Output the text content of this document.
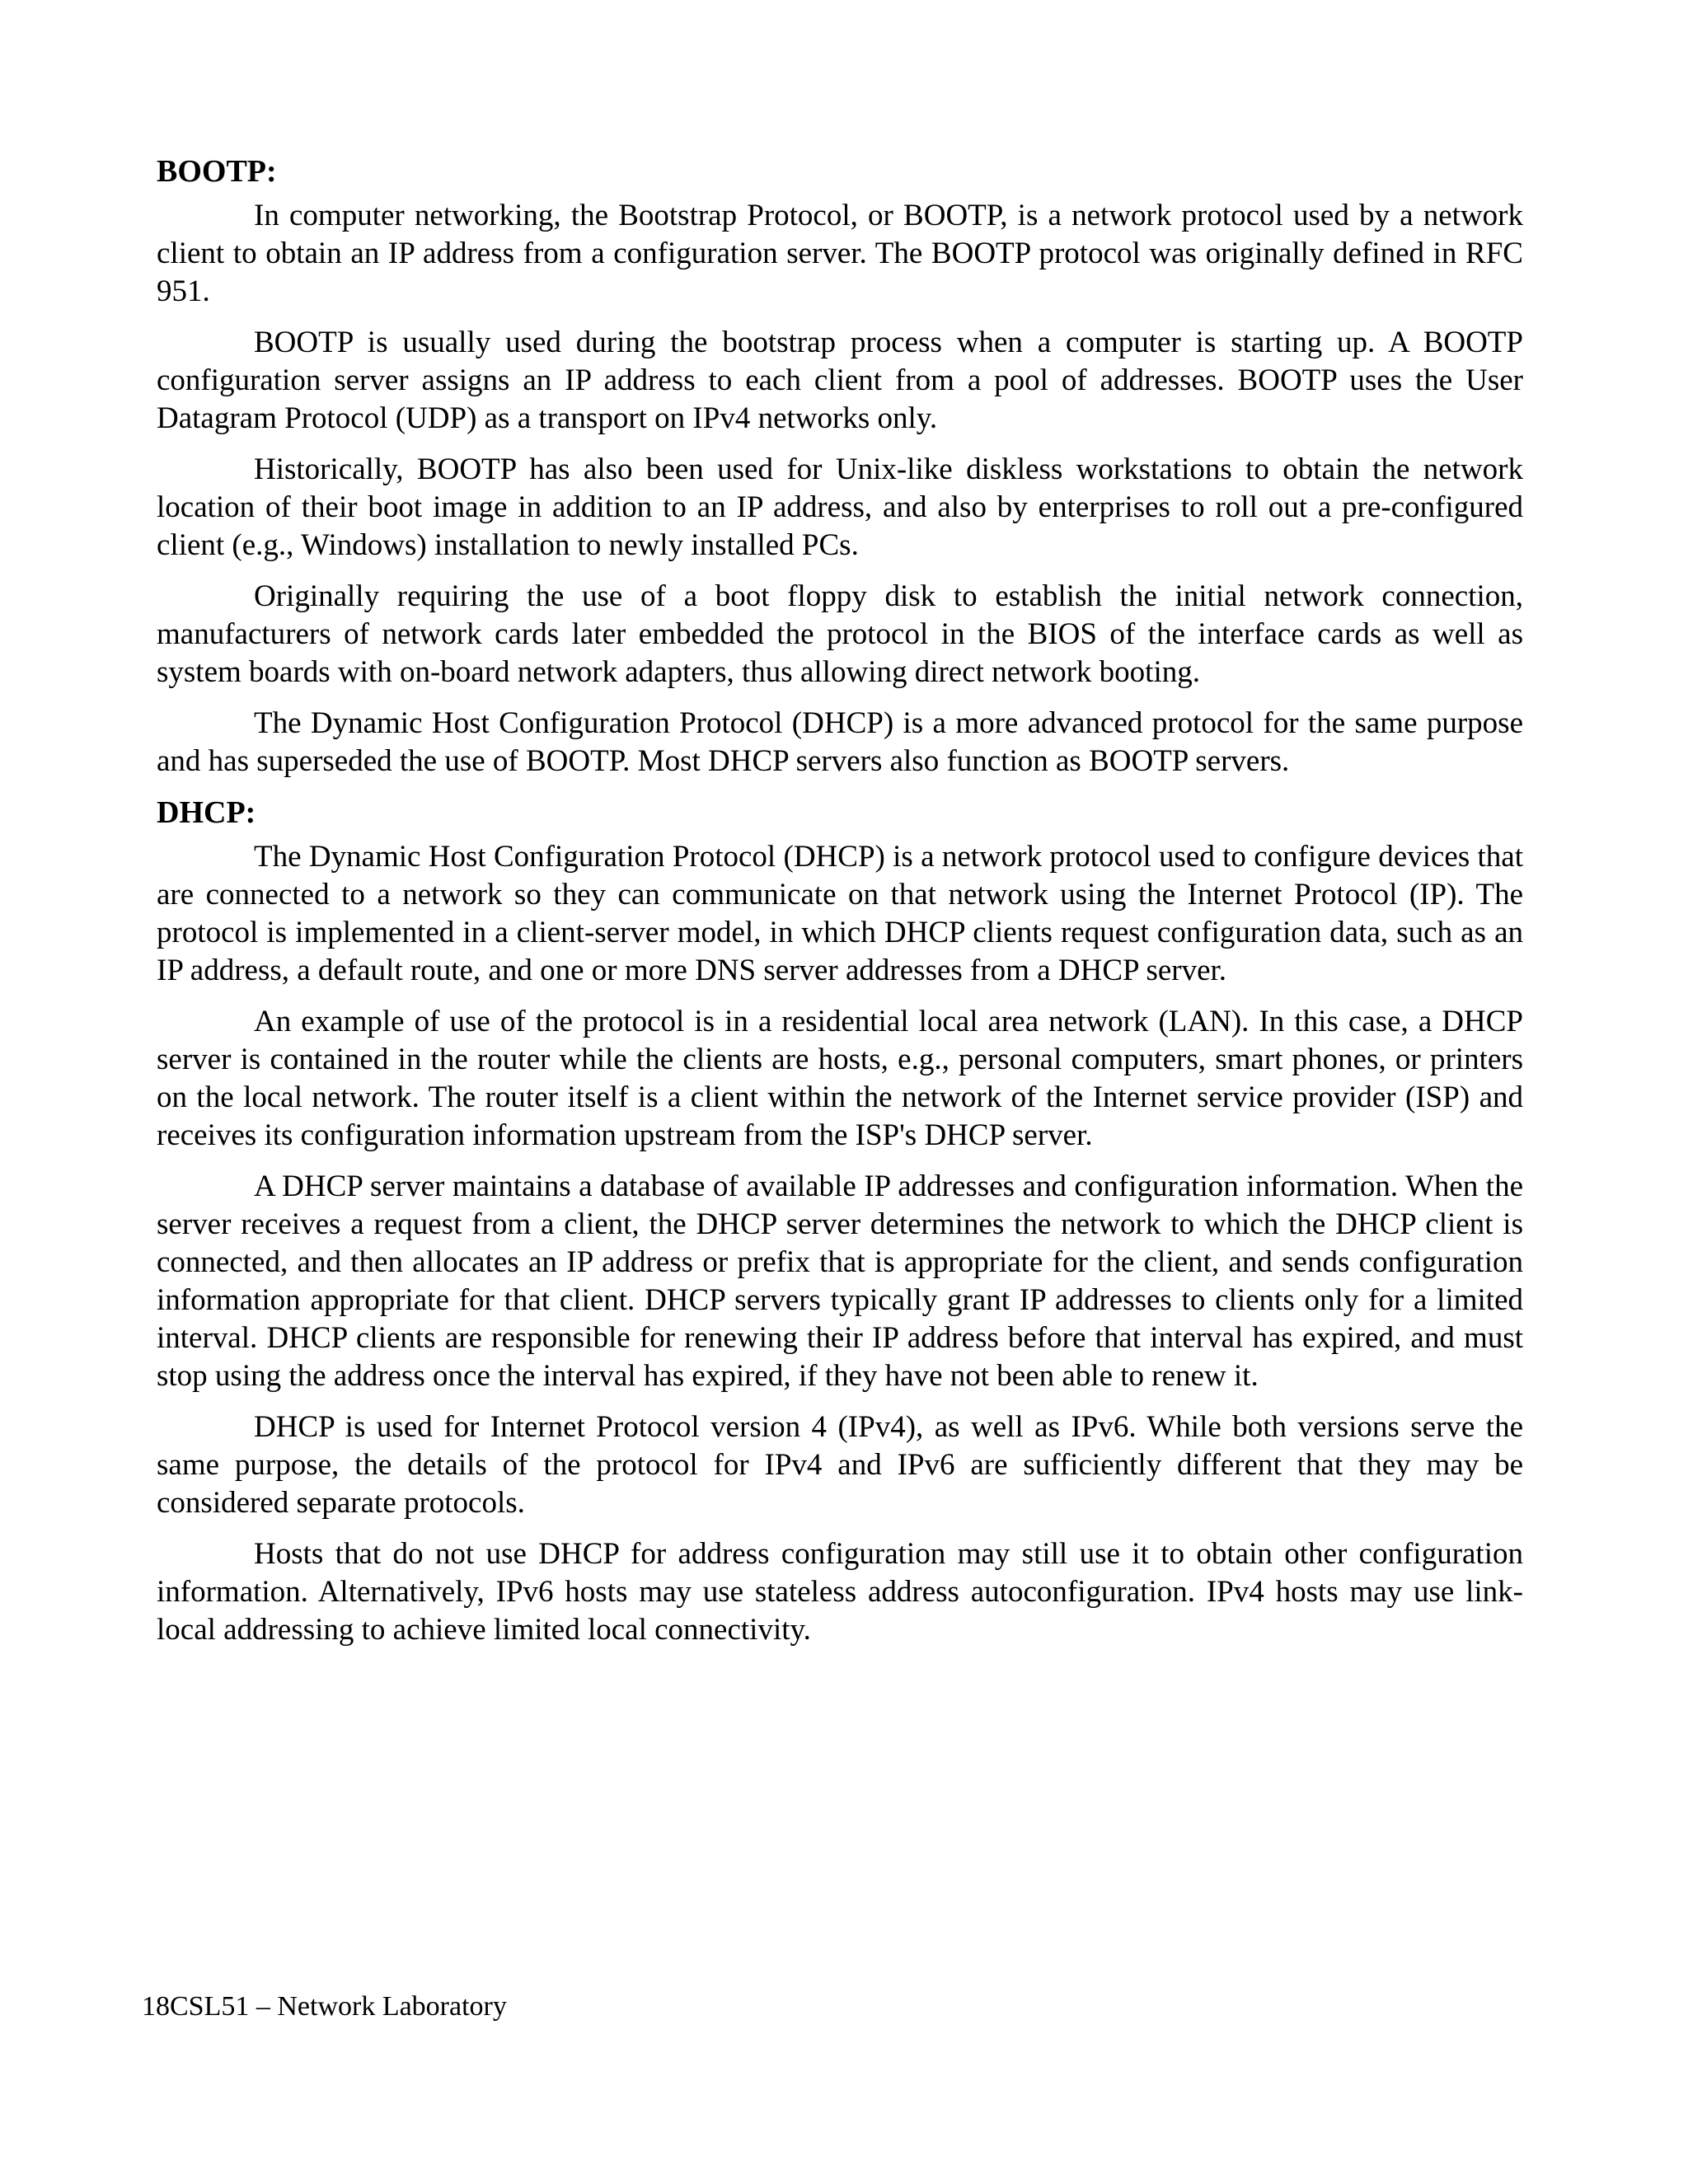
BOOTP:

In computer networking, the Bootstrap Protocol, or BOOTP, is a network protocol used by a network client to obtain an IP address from a configuration server. The BOOTP protocol was originally defined in RFC 951.

BOOTP is usually used during the bootstrap process when a computer is starting up. A BOOTP configuration server assigns an IP address to each client from a pool of addresses. BOOTP uses the User Datagram Protocol (UDP) as a transport on IPv4 networks only.

Historically, BOOTP has also been used for Unix-like diskless workstations to obtain the network location of their boot image in addition to an IP address, and also by enterprises to roll out a pre-configured client (e.g., Windows) installation to newly installed PCs.

Originally requiring the use of a boot floppy disk to establish the initial network connection, manufacturers of network cards later embedded the protocol in the BIOS of the interface cards as well as system boards with on-board network adapters, thus allowing direct network booting.

The Dynamic Host Configuration Protocol (DHCP) is a more advanced protocol for the same purpose and has superseded the use of BOOTP. Most DHCP servers also function as BOOTP servers.

DHCP:

The Dynamic Host Configuration Protocol (DHCP) is a network protocol used to configure devices that are connected to a network so they can communicate on that network using the Internet Protocol (IP). The protocol is implemented in a client-server model, in which DHCP clients request configuration data, such as an IP address, a default route, and one or more DNS server addresses from a DHCP server.

An example of use of the protocol is in a residential local area network (LAN). In this case, a DHCP server is contained in the router while the clients are hosts, e.g., personal computers, smart phones, or printers on the local network. The router itself is a client within the network of the Internet service provider (ISP) and receives its configuration information upstream from the ISP's DHCP server.

A DHCP server maintains a database of available IP addresses and configuration information. When the server receives a request from a client, the DHCP server determines the network to which the DHCP client is connected, and then allocates an IP address or prefix that is appropriate for the client, and sends configuration information appropriate for that client. DHCP servers typically grant IP addresses to clients only for a limited interval. DHCP clients are responsible for renewing their IP address before that interval has expired, and must stop using the address once the interval has expired, if they have not been able to renew it.

DHCP is used for Internet Protocol version 4 (IPv4), as well as IPv6. While both versions serve the same purpose, the details of the protocol for IPv4 and IPv6 are sufficiently different that they may be considered separate protocols.

Hosts that do not use DHCP for address configuration may still use it to obtain other configuration information. Alternatively, IPv6 hosts may use stateless address autoconfiguration. IPv4 hosts may use link-local addressing to achieve limited local connectivity.

18CSL51 – Network Laboratory
